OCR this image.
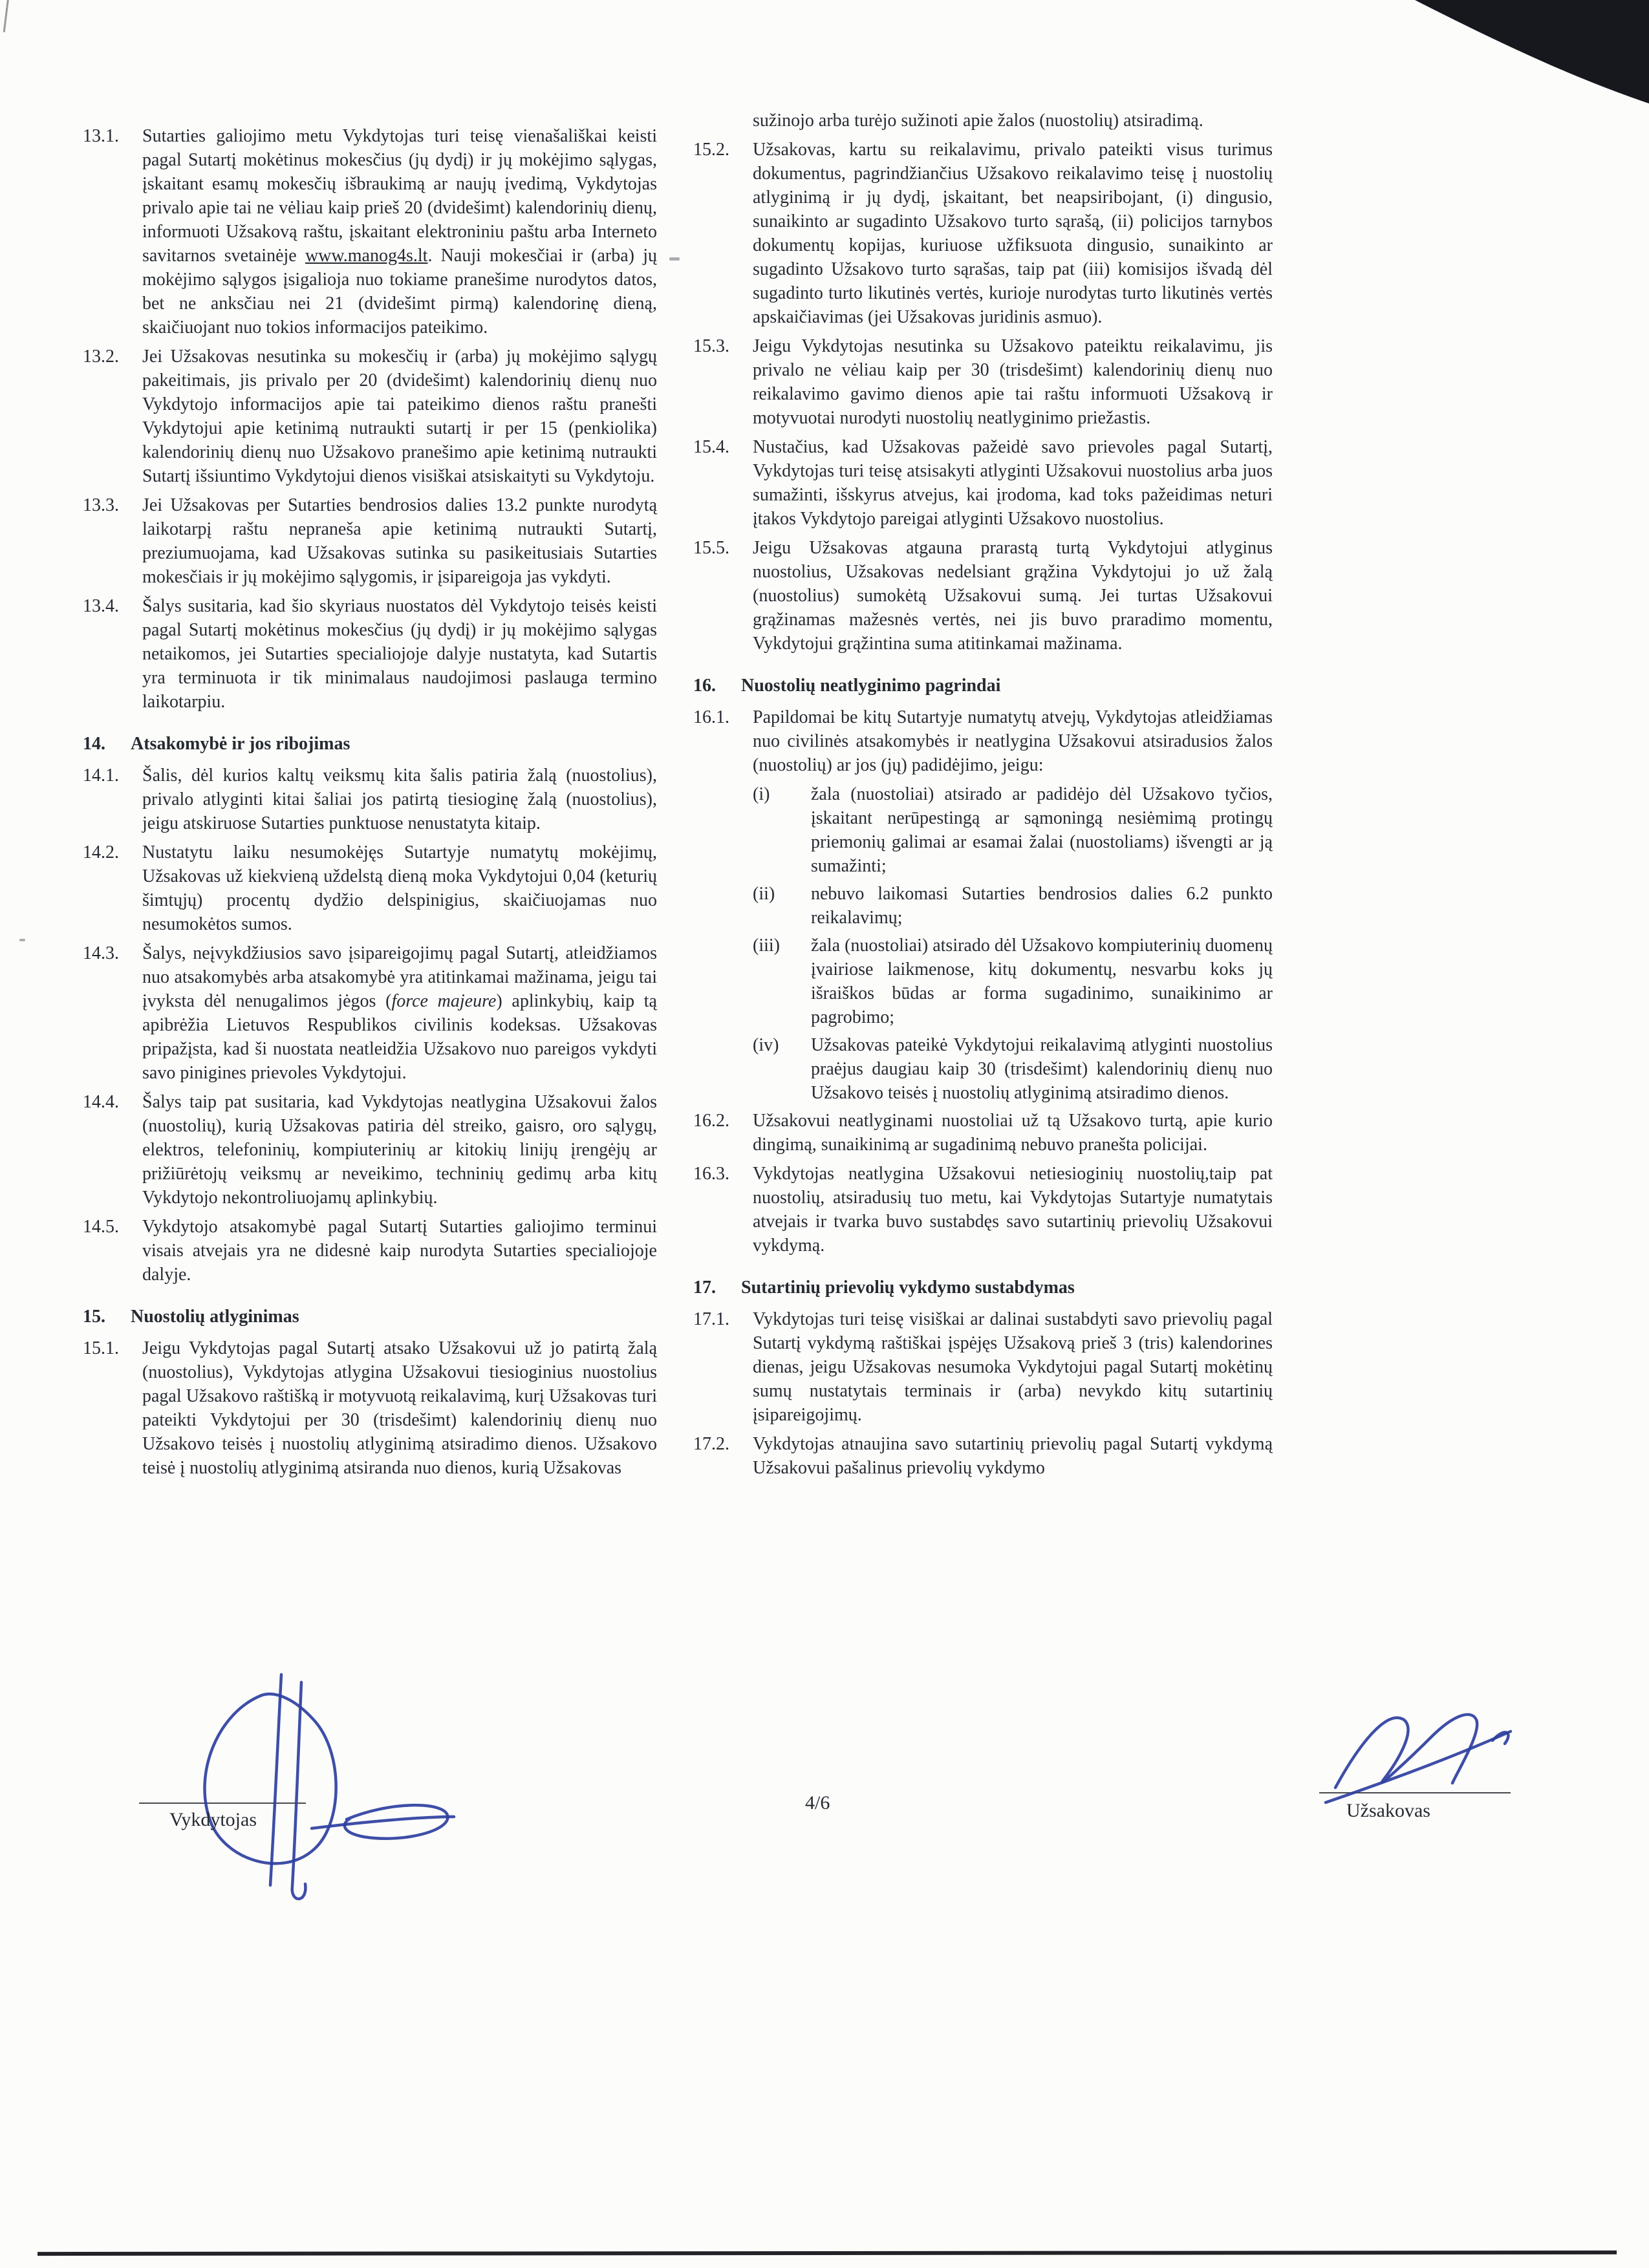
13.1.	Sutarties galiojimo metu Vykdytojas turi teisę vienašališkai keisti pagal Sutartį mokėtinus mokesčius (jų dydį) ir jų mokėjimo sąlygas, įskaitant esamų mokesčių išbraukimą ar naujų įvedimą, Vykdytojas privalo apie tai ne vėliau kaip prieš 20 (dvidešimt) kalendorinių dienų, informuoti Užsakovą raštu, įskaitant elektroniniu paštu arba Interneto savitarnos svetainėje www.manog4s.lt. Nauji mokesčiai ir (arba) jų mokėjimo sąlygos įsigalioja nuo tokiame pranešime nurodytos datos, bet ne anksčiau nei 21 (dvidešimt pirmą) kalendorinę dieną, skaičiuojant nuo tokios informacijos pateikimo.
13.2.	Jei Užsakovas nesutinka su mokesčių ir (arba) jų mokėjimo sąlygų pakeitimais, jis privalo per 20 (dvidešimt) kalendorinių dienų nuo Vykdytojo informacijos apie tai pateikimo dienos raštu pranešti Vykdytojui apie ketinimą nutraukti sutartį ir per 15 (penkiolika) kalendorinių dienų nuo Užsakovo pranešimo apie ketinimą nutraukti Sutartį išsiuntimo Vykdytojui dienos visiškai atsiskaityti su Vykdytoju.
13.3.	Jei Užsakovas per Sutarties bendrosios dalies 13.2 punkte nurodytą laikotarpį raštu nepraneša apie ketinimą nutraukti Sutartį, preziumuojama, kad Užsakovas sutinka su pasikeitusiais Sutarties mokesčiais ir jų mokėjimo sąlygomis, ir įsipareigoja jas vykdyti.
13.4.	Šalys susitaria, kad šio skyriaus nuostatos dėl Vykdytojo teisės keisti pagal Sutartį mokėtinus mokesčius (jų dydį) ir jų mokėjimo sąlygas netaikomos, jei Sutarties specialiojoje dalyje nustatyta, kad Sutartis yra terminuota ir tik minimalaus naudojimosi paslauga termino laikotarpiu.
14.	Atsakomybė ir jos ribojimas
14.1.	Šalis, dėl kurios kaltų veiksmų kita šalis patiria žalą (nuostolius), privalo atlyginti kitai šaliai jos patirtą tiesioginę žalą (nuostolius), jeigu atskiruose Sutarties punktuose nenustatyta kitaip.
14.2.	Nustatytu laiku nesumokėjęs Sutartyje numatytų mokėjimų, Užsakovas už kiekvieną uždelstą dieną moka Vykdytojui 0,04 (keturių šimtųjų) procentų dydžio delspinigius, skaičiuojamas nuo nesumokėtos sumos.
14.3.	Šalys, neįvykdžiusios savo įsipareigojimų pagal Sutartį, atleidžiamos nuo atsakomybės arba atsakomybė yra atitinkamai mažinama, jeigu tai įvyksta dėl nenugalimos jėgos (force majeure) aplinkybių, kaip tą apibrėžia Lietuvos Respublikos civilinis kodeksas. Užsakovas pripažįsta, kad ši nuostata neatleidžia Užsakovo nuo pareigos vykdyti savo pinigines prievoles Vykdytojui.
14.4.	Šalys taip pat susitaria, kad Vykdytojas neatlygina Užsakovui žalos (nuostolių), kurią Užsakovas patiria dėl streiko, gaisro, oro sąlygų, elektros, telefoninių, kompiuterinių ar kitokių linijų įrengėjų ar prižiūrėtojų veiksmų ar neveikimo, techninių gedimų arba kitų Vykdytojo nekontroliuojamų aplinkybių.
14.5.	Vykdytojo atsakomybė pagal Sutartį Sutarties galiojimo terminui visais atvejais yra ne didesnė kaip nurodyta Sutarties specialiojoje dalyje.
15.	Nuostolių atlyginimas
15.1.	Jeigu Vykdytojas pagal Sutartį atsako Užsakovui už jo patirtą žalą (nuostolius), Vykdytojas atlygina Užsakovui tiesioginius nuostolius pagal Užsakovo raštišką ir motyvuotą reikalavimą, kurį Užsakovas turi pateikti Vykdytojui per 30 (trisdešimt) kalendorinių dienų nuo Užsakovo teisės į nuostolių atlyginimą atsiradimo dienos. Užsakovo teisė į nuostolių atlyginimą atsiranda nuo dienos, kurią Užsakovas
sužinojo arba turėjo sužinoti apie žalos (nuostolių) atsiradimą.
15.2.	Užsakovas, kartu su reikalavimu, privalo pateikti visus turimus dokumentus, pagrindžiančius Užsakovo reikalavimo teisę į nuostolių atlyginimą ir jų dydį, įskaitant, bet neapsiribojant, (i) dingusio, sunaikinto ar sugadinto Užsakovo turto sąrašą, (ii) policijos tarnybos dokumentų kopijas, kuriuose užfiksuota dingusio, sunaikinto ar sugadinto Užsakovo turto sąrašas, taip pat (iii) komisijos išvadą dėl sugadinto turto likutinės vertės, kurioje nurodytas turto likutinės vertės apskaičiavimas (jei Užsakovas juridinis asmuo).
15.3.	Jeigu Vykdytojas nesutinka su Užsakovo pateiktu reikalavimu, jis privalo ne vėliau kaip per 30 (trisdešimt) kalendorinių dienų nuo reikalavimo gavimo dienos apie tai raštu informuoti Užsakovą ir motyvuotai nurodyti nuostolių neatlyginimo priežastis.
15.4.	Nustačius, kad Užsakovas pažeidė savo prievoles pagal Sutartį, Vykdytojas turi teisę atsisakyti atlyginti Užsakovui nuostolius arba juos sumažinti, išskyrus atvejus, kai įrodoma, kad toks pažeidimas neturi įtakos Vykdytojo pareigai atlyginti Užsakovo nuostolius.
15.5.	Jeigu Užsakovas atgauna prarastą turtą Vykdytojui atlyginus nuostolius, Užsakovas nedelsiant grąžina Vykdytojui jo už žalą (nuostolius) sumokėtą Užsakovui sumą. Jei turtas Užsakovui grąžinamas mažesnės vertės, nei jis buvo praradimo momentu, Vykdytojui grąžintina suma atitinkamai mažinama.
16.	Nuostolių neatlyginimo pagrindai
16.1.	Papildomai be kitų Sutartyje numatytų atvejų, Vykdytojas atleidžiamas nuo civilinės atsakomybės ir neatlygina Užsakovui atsiradusios žalos (nuostolių) ar jos (jų) padidėjimo, jeigu:
(i)	žala (nuostoliai) atsirado ar padidėjo dėl Užsakovo tyčios, įskaitant nerūpestingą ar sąmoningą nesiėmimą protingų priemonių galimai ar esamai žalai (nuostoliams) išvengti ar ją sumažinti;
(ii)	nebuvo laikomasi Sutarties bendrosios dalies 6.2 punkto reikalavimų;
(iii)	žala (nuostoliai) atsirado dėl Užsakovo kompiuterinių duomenų įvairiose laikmenose, kitų dokumentų, nesvarbu koks jų išraiškos būdas ar forma sugadinimo, sunaikinimo ar pagrobimo;
(iv)	Užsakovas pateikė Vykdytojui reikalavimą atlyginti nuostolius praėjus daugiau kaip 30 (trisdešimt) kalendorinių dienų nuo Užsakovo teisės į nuostolių atlyginimą atsiradimo dienos.
16.2.	Užsakovui neatlyginami nuostoliai už tą Užsakovo turtą, apie kurio dingimą, sunaikinimą ar sugadinimą nebuvo pranešta policijai.
16.3.	Vykdytojas neatlygina Užsakovui netiesioginių nuostolių,taip pat nuostolių, atsiradusių tuo metu, kai Vykdytojas Sutartyje numatytais atvejais ir tvarka buvo sustabdęs savo sutartinių prievolių Užsakovui vykdymą.
17.	Sutartinių prievolių vykdymo sustabdymas
17.1.	Vykdytojas turi teisę visiškai ar dalinai sustabdyti savo prievolių pagal Sutartį vykdymą raštiškai įspėjęs Užsakovą prieš 3 (tris) kalendorines dienas, jeigu Užsakovas nesumoka Vykdytojui pagal Sutartį mokėtinų sumų nustatytais terminais ir (arba) nevykdo kitų sutartinių įsipareigojimų.
17.2.	Vykdytojas atnaujina savo sutartinių prievolių pagal Sutartį vykdymą Užsakovui pašalinus prievolių vykdymo
Vykdytojas
4/6	Užsakovas
